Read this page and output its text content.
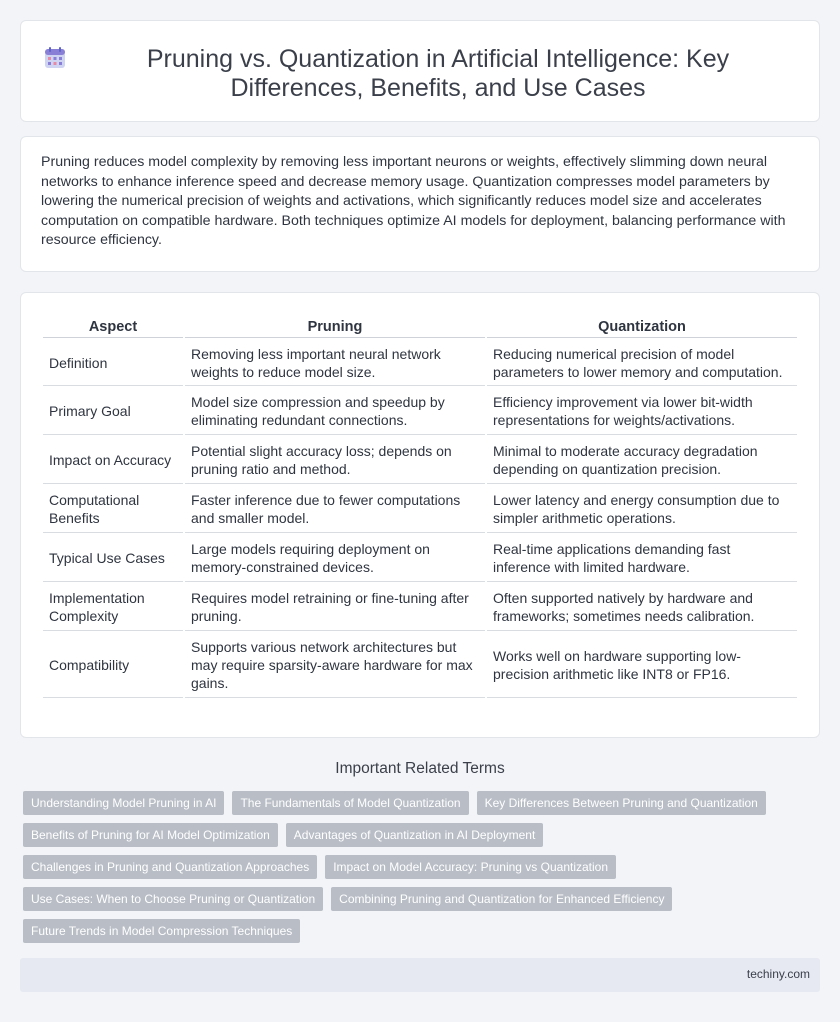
Pruning vs. Quantization in Artificial Intelligence: Key Differences, Benefits, and Use Cases

Pruning reduces model complexity by removing less important neurons or weights, effectively slimming down neural networks to enhance inference speed and decrease memory usage. Quantization compresses model parameters by lowering the numerical precision of weights and activations, which significantly reduces model size and accelerates computation on compatible hardware. Both techniques optimize AI models for deployment, balancing performance with resource efficiency.

Aspect	Pruning	Quantization
Definition	Removing less important neural network weights to reduce model size.	Reducing numerical precision of model parameters to lower memory and computation.
Primary Goal	Model size compression and speedup by eliminating redundant connections.	Efficiency improvement via lower bit-width representations for weights/activations.
Impact on Accuracy	Potential slight accuracy loss; depends on pruning ratio and method.	Minimal to moderate accuracy degradation depending on quantization precision.
Computational Benefits	Faster inference due to fewer computations and smaller model.	Lower latency and energy consumption due to simpler arithmetic operations.
Typical Use Cases	Large models requiring deployment on memory-constrained devices.	Real-time applications demanding fast inference with limited hardware.
Implementation Complexity	Requires model retraining or fine-tuning after pruning.	Often supported natively by hardware and frameworks; sometimes needs calibration.
Compatibility	Supports various network architectures but may require sparsity-aware hardware for max gains.	Works well on hardware supporting low-precision arithmetic like INT8 or FP16.
Important Related Terms
Understanding Model Pruning in AI	The Fundamentals of Model Quantization	Key Differences Between Pruning and Quantization
Benefits of Pruning for AI Model Optimization	Advantages of Quantization in AI Deployment
Challenges in Pruning and Quantization Approaches	Impact on Model Accuracy: Pruning vs Quantization
Use Cases: When to Choose Pruning or Quantization	Combining Pruning and Quantization for Enhanced Efficiency
Future Trends in Model Compression Techniques
techiny.com
